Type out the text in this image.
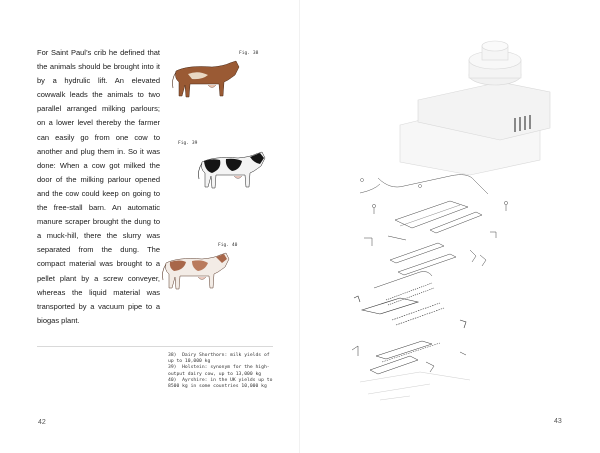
For Saint Paul’s crib he defined that the animals should be brought into it by a hydrulic lift. An elevated cowwalk leads the animals to two parallel arranged milking parlours; on a lower level thereby the farmer can easily go from one cow to another and plug them in. So it was done: When a cow got milked the door of the milking parlour opened and the cow could keep on going to the free-stall barn. An automatic manure scraper brought the dung to a muck-hill, there the slurry was separated from the dung. The compact material was brought to a pellet plant by a screw conveyer, whereas the liquid material was transported by a vacuum pipe to a biogas plant.

Fig. 38
Fig. 39
Fig. 40
38)  Dairy Shorthorn: milk yields of
up to 10,000 kg
39)  Holstein: synonym for the high-
output dairy cow, up to 13,000 kg
40)  Ayrshire: in the UK yields up to
8500 kg in some countries 10,000 kg
42	43
